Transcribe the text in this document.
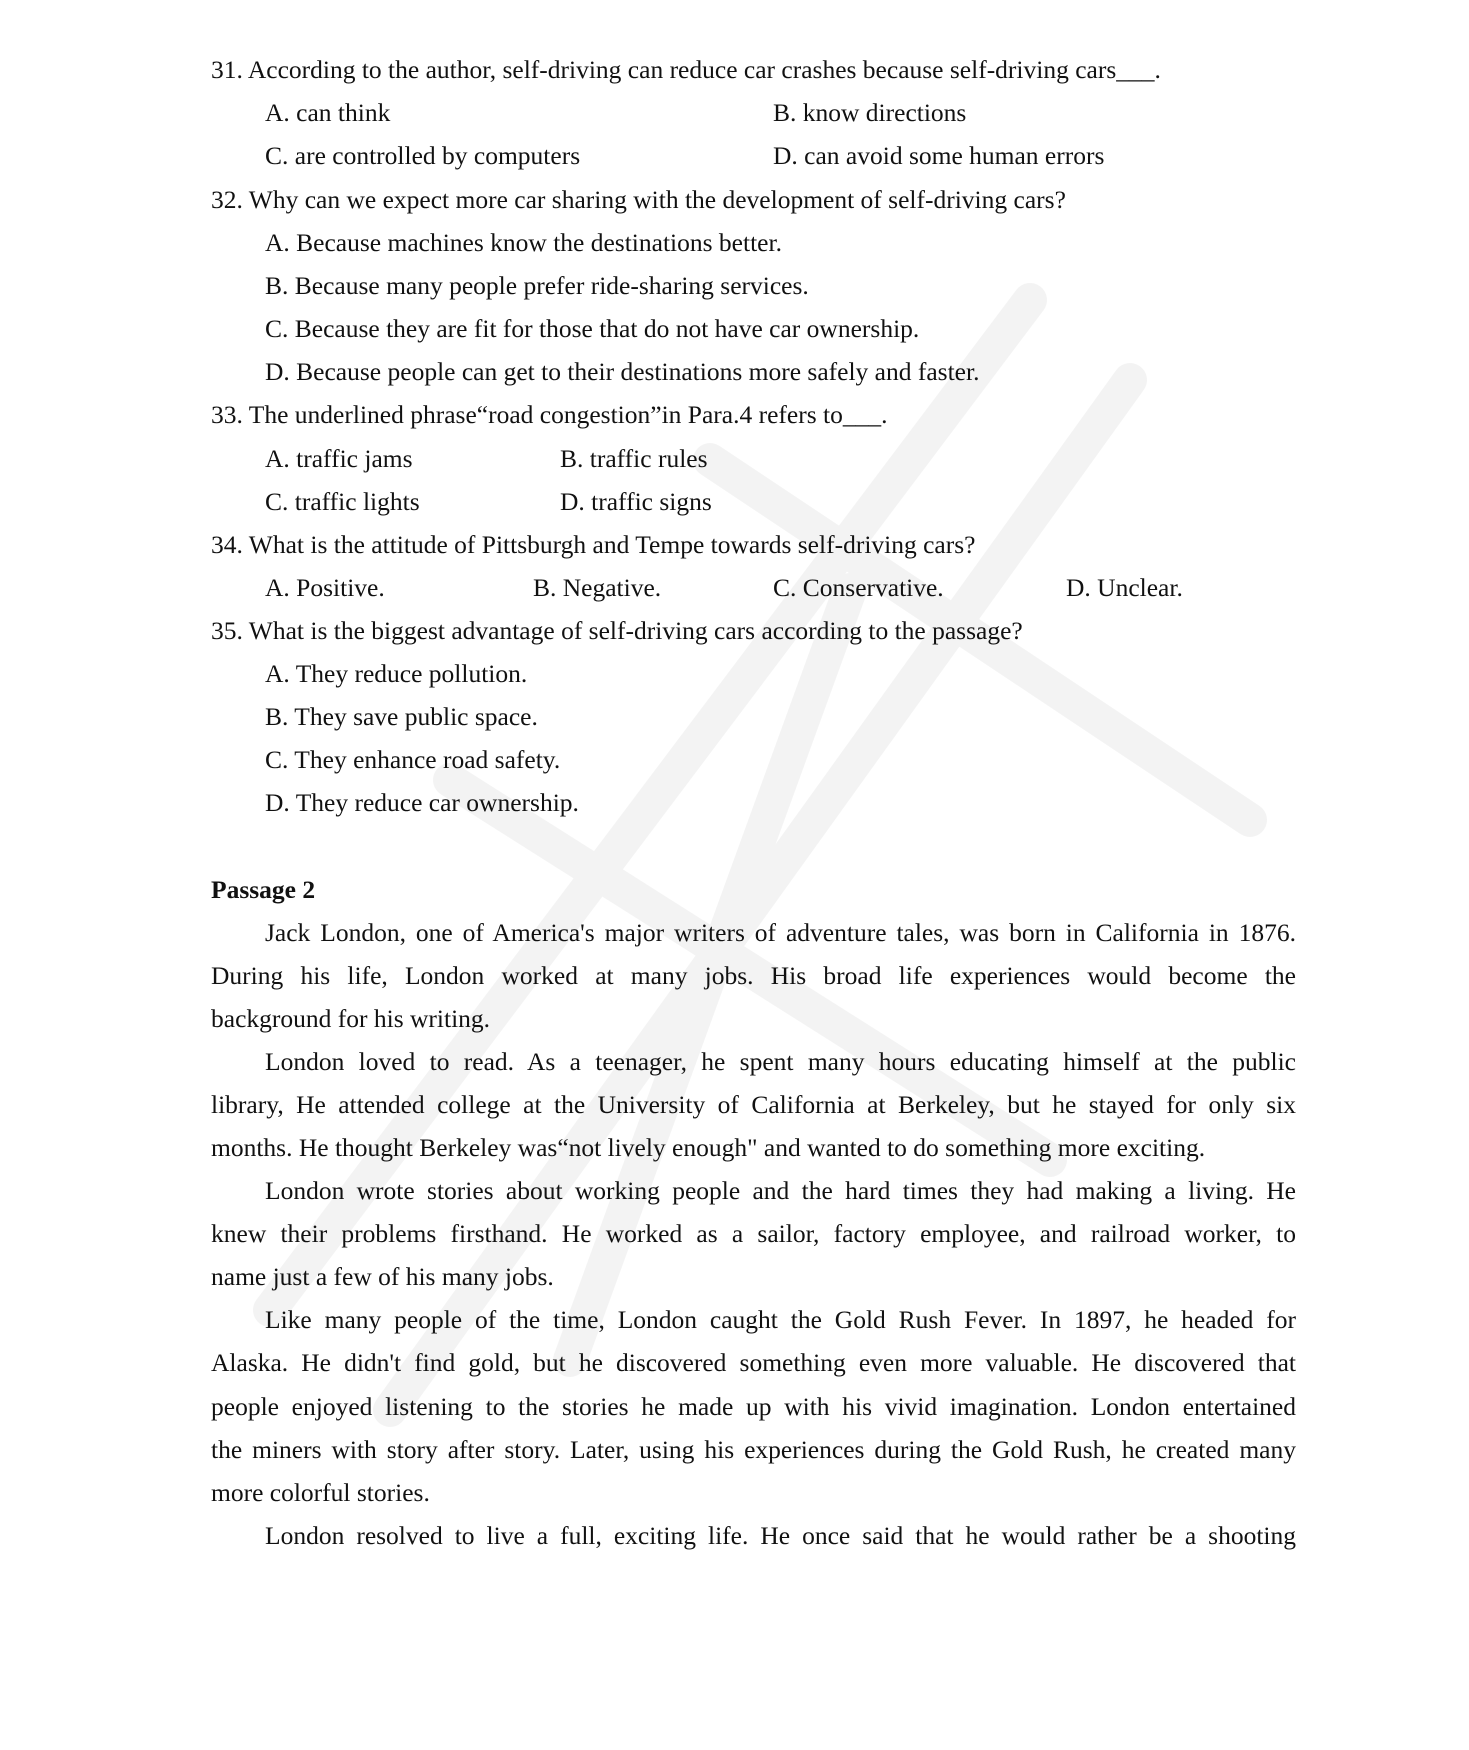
31. According to the author, self-driving can reduce car crashes because self-driving cars___.
A. can think	B. know directions
C. are controlled by computers	D. can avoid some human errors
32. Why can we expect more car sharing with the development of self-driving cars?
A. Because machines know the destinations better.
B. Because many people prefer ride-sharing services.
C. Because they are fit for those that do not have car ownership.
D. Because people can get to their destinations more safely and faster.
33. The underlined phrase“road congestion”in Para.4 refers to___.
A. traffic jams	B. traffic rules
C. traffic lights	D. traffic signs
34. What is the attitude of Pittsburgh and Tempe towards self-driving cars?
A. Positive.	B. Negative.	C. Conservative.	D. Unclear.
35. What is the biggest advantage of self-driving cars according to the passage?
A. They reduce pollution.
B. They save public space.
C. They enhance road safety.
D. They reduce car ownership.
Passage 2
Jack London, one of America's major writers of adventure tales, was born in California in 1876.
During his life, London worked at many jobs. His broad life experiences would become the
background for his writing.
London loved to read. As a teenager, he spent many hours educating himself at the public
library, He attended college at the University of California at Berkeley, but he stayed for only six
months. He thought Berkeley was“not lively enough" and wanted to do something more exciting.
London wrote stories about working people and the hard times they had making a living. He
knew their problems firsthand. He worked as a sailor, factory employee, and railroad worker, to
name just a few of his many jobs.
Like many people of the time, London caught the Gold Rush Fever. In 1897, he headed for
Alaska. He didn't find gold, but he discovered something even more valuable. He discovered that
people enjoyed listening to the stories he made up with his vivid imagination. London entertained
the miners with story after story. Later, using his experiences during the Gold Rush, he created many
more colorful stories.
London resolved to live a full, exciting life. He once said that he would rather be a shooting
